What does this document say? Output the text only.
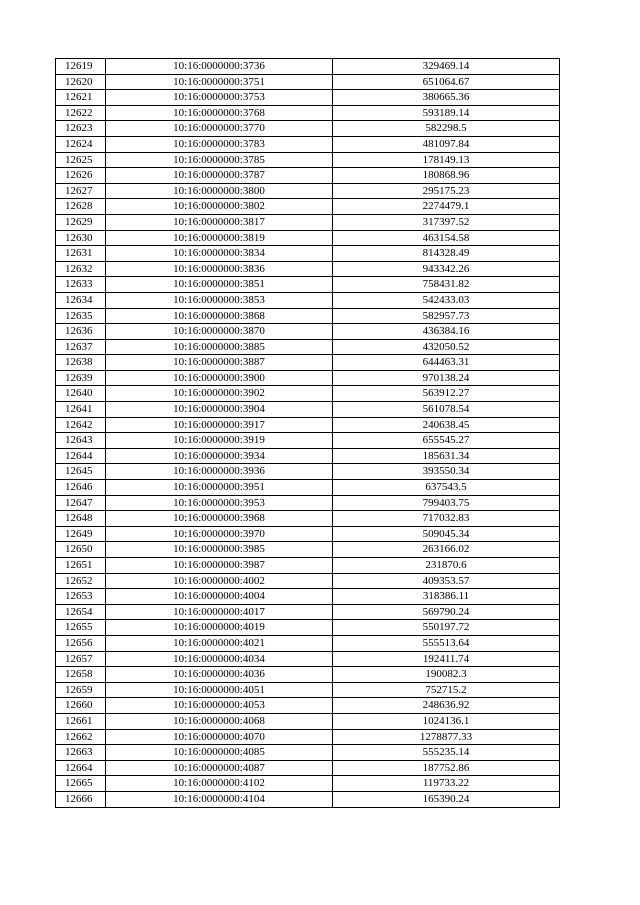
12619	10:16:0000000:3736	329469.14
12620	10:16:0000000:3751	651064.67
12621	10:16:0000000:3753	380665.36
12622	10:16:0000000:3768	593189.14
12623	10:16:0000000:3770	582298.5
12624	10:16:0000000:3783	481097.84
12625	10:16:0000000:3785	178149.13
12626	10:16:0000000:3787	180868.96
12627	10:16:0000000:3800	295175.23
12628	10:16:0000000:3802	2274479.1
12629	10:16:0000000:3817	317397.52
12630	10:16:0000000:3819	463154.58
12631	10:16:0000000:3834	814328.49
12632	10:16:0000000:3836	943342.26
12633	10:16:0000000:3851	758431.82
12634	10:16:0000000:3853	542433.03
12635	10:16:0000000:3868	582957.73
12636	10:16:0000000:3870	436384.16
12637	10:16:0000000:3885	432050.52
12638	10:16:0000000:3887	644463.31
12639	10:16:0000000:3900	970138.24
12640	10:16:0000000:3902	563912.27
12641	10:16:0000000:3904	561078.54
12642	10:16:0000000:3917	240638.45
12643	10:16:0000000:3919	655545.27
12644	10:16:0000000:3934	185631.34
12645	10:16:0000000:3936	393550.34
12646	10:16:0000000:3951	637543.5
12647	10:16:0000000:3953	799403.75
12648	10:16:0000000:3968	717032.83
12649	10:16:0000000:3970	509045.34
12650	10:16:0000000:3985	263166.02
12651	10:16:0000000:3987	231870.6
12652	10:16:0000000:4002	409353.57
12653	10:16:0000000:4004	318386.11
12654	10:16:0000000:4017	569790.24
12655	10:16:0000000:4019	550197.72
12656	10:16:0000000:4021	555513.64
12657	10:16:0000000:4034	192411.74
12658	10:16:0000000:4036	190082.3
12659	10:16:0000000:4051	752715.2
12660	10:16:0000000:4053	248636.92
12661	10:16:0000000:4068	1024136.1
12662	10:16:0000000:4070	1278877.33
12663	10:16:0000000:4085	555235.14
12664	10:16:0000000:4087	187752.86
12665	10:16:0000000:4102	119733.22
12666	10:16:0000000:4104	165390.24
